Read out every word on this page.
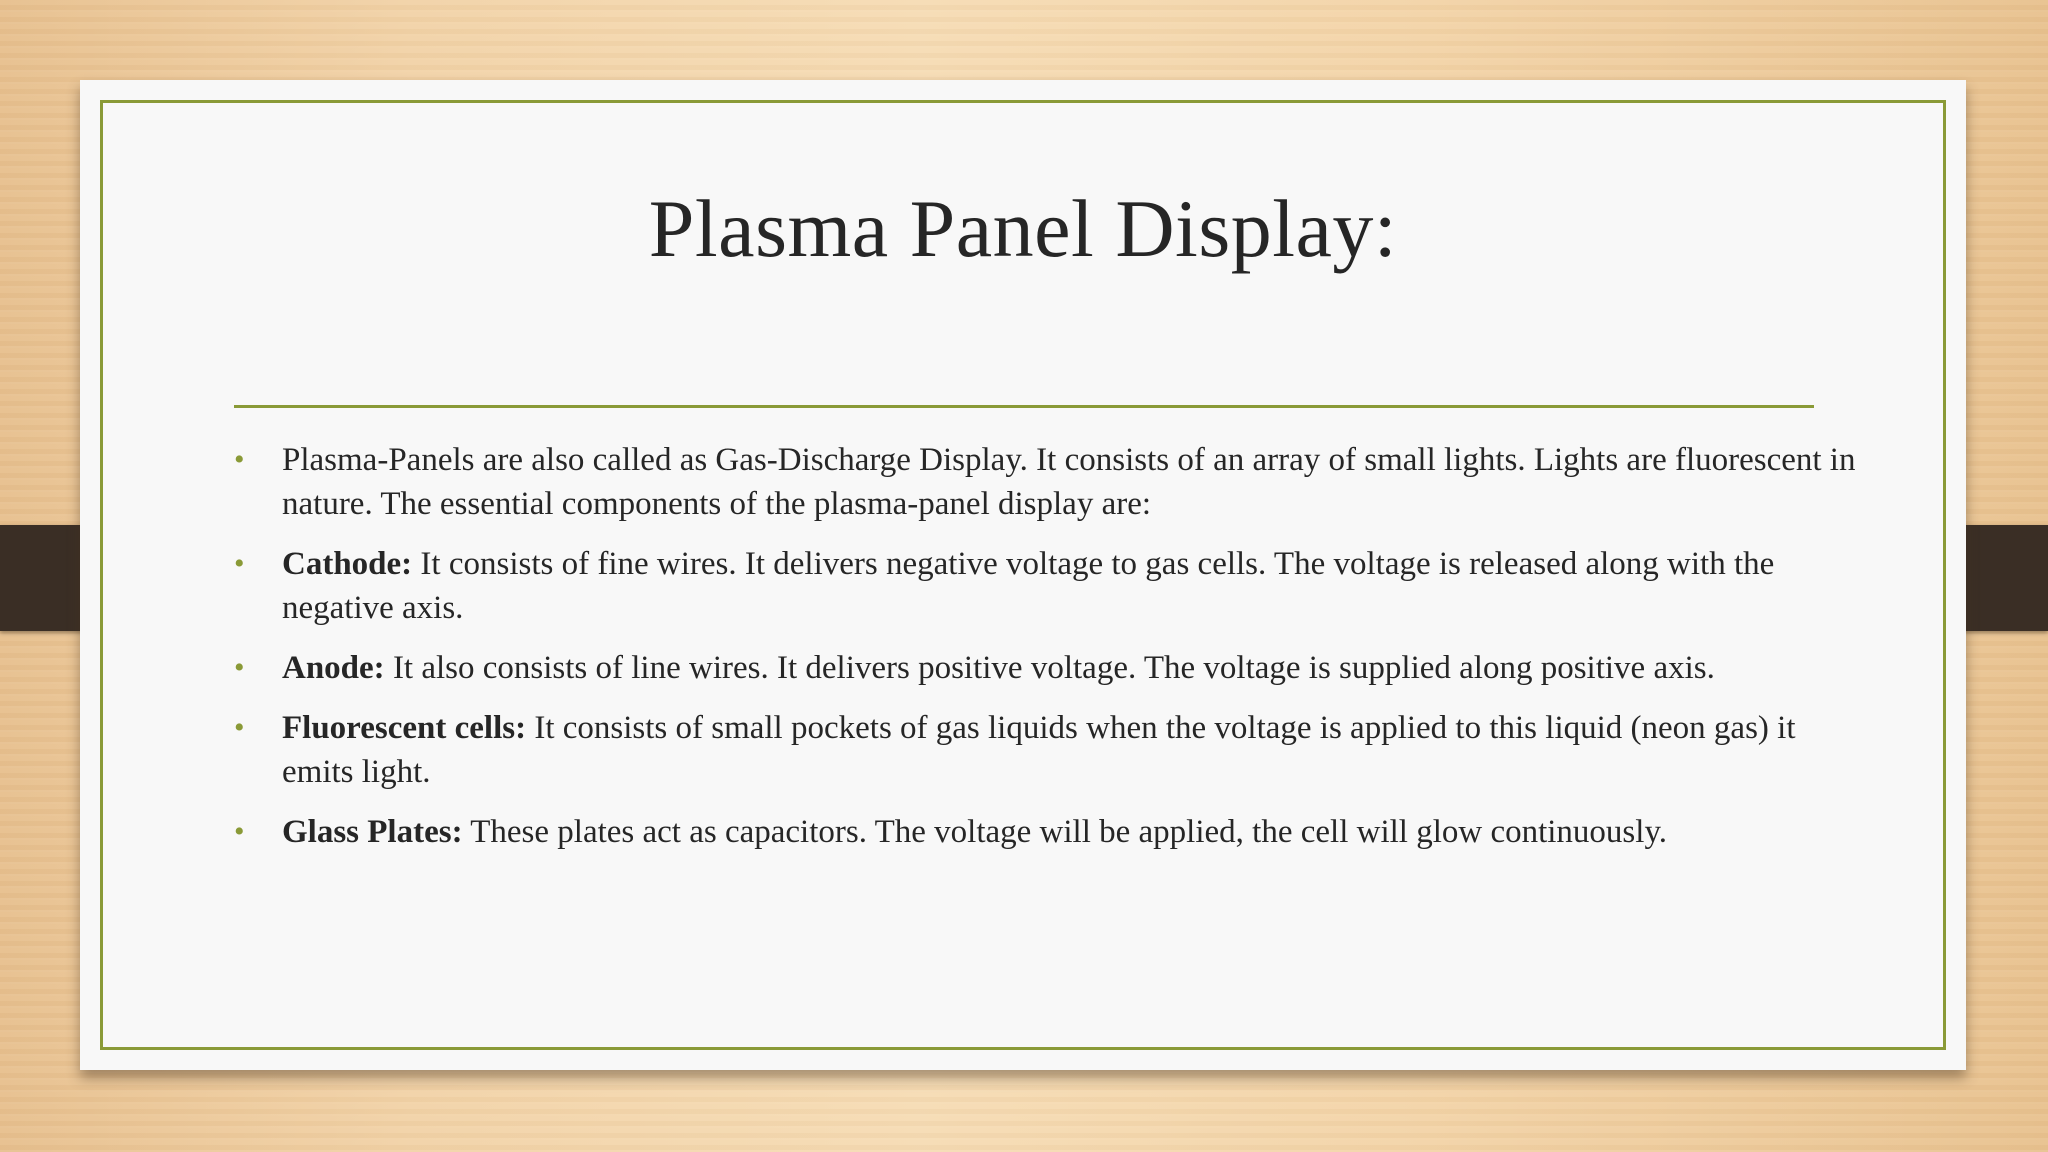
Plasma Panel Display:
• Plasma-Panels are also called as Gas-Discharge Display. It consists of an array of small lights. Lights are fluorescent in nature. The essential components of the plasma-panel display are:
• Cathode: It consists of fine wires. It delivers negative voltage to gas cells. The voltage is released along with the negative axis.
• Anode: It also consists of line wires. It delivers positive voltage. The voltage is supplied along positive axis.
• Fluorescent cells: It consists of small pockets of gas liquids when the voltage is applied to this liquid (neon gas) it emits light.
• Glass Plates: These plates act as capacitors. The voltage will be applied, the cell will glow continuously.
